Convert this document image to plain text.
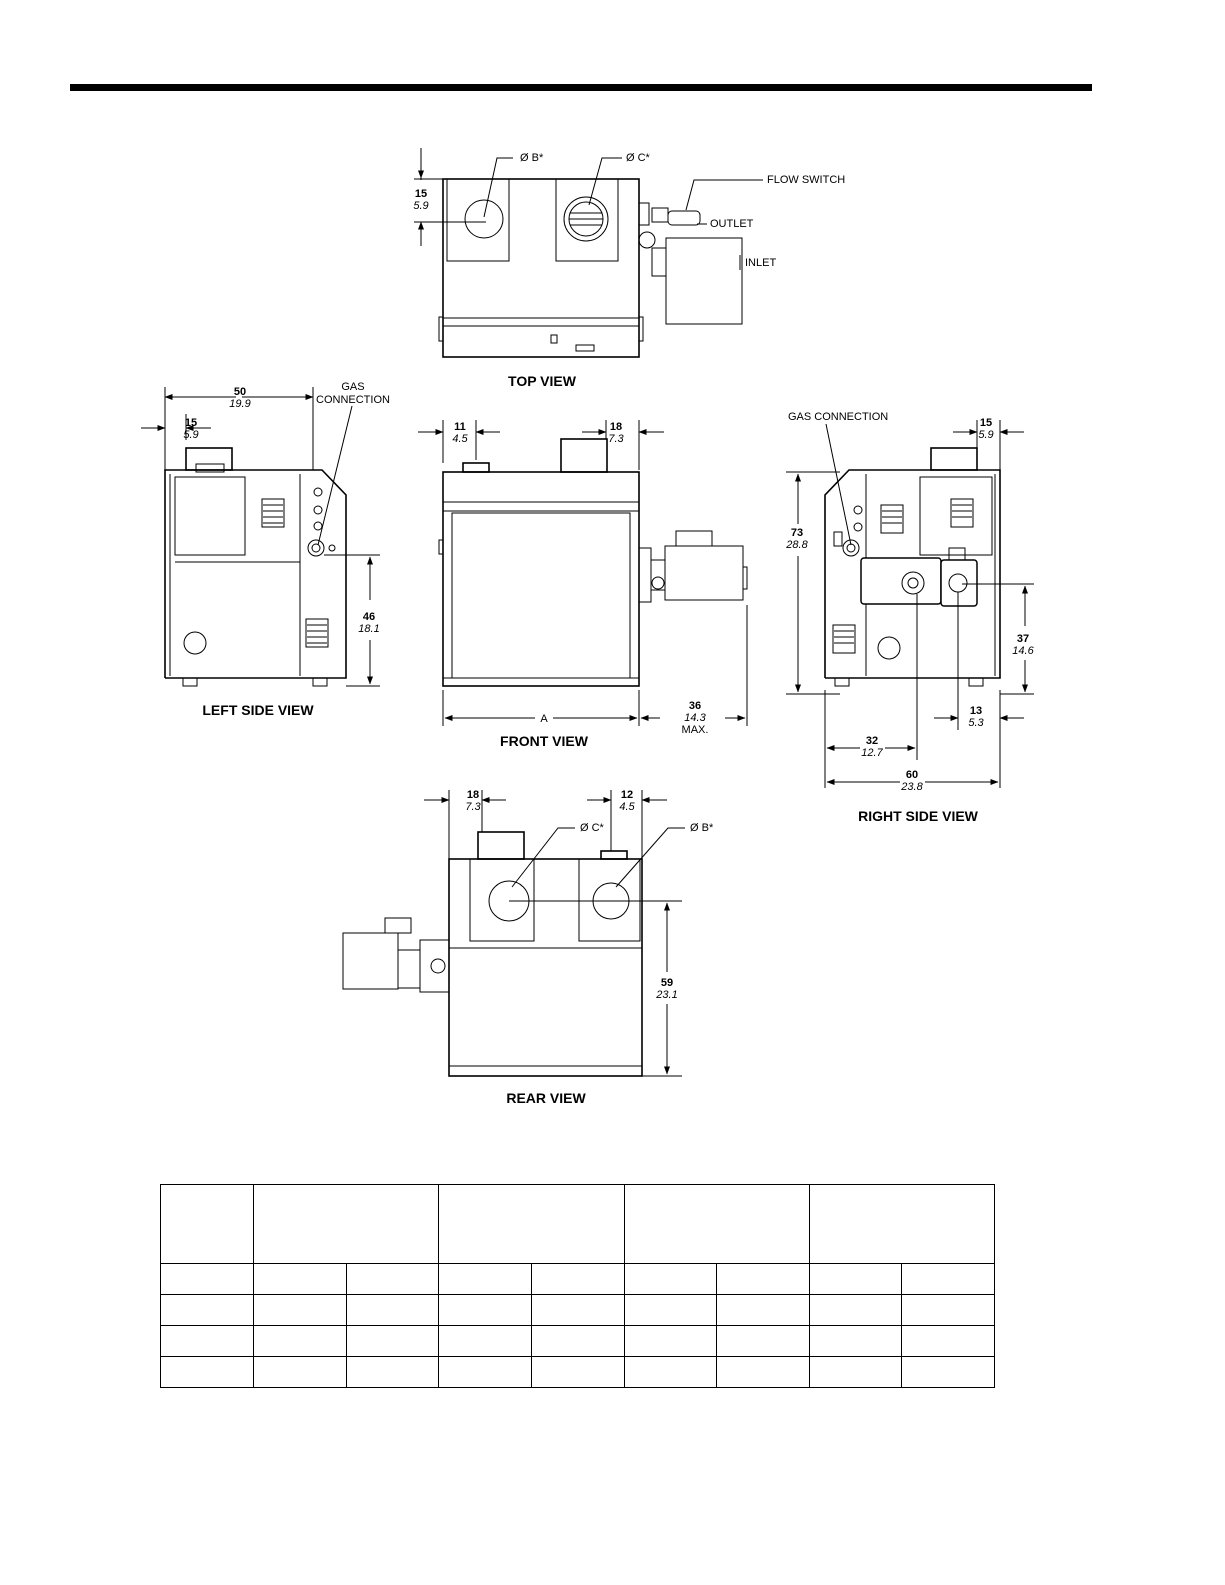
15
5.9
Ø B*	Ø C*
FLOW SWITCH
OUTLET
INLET
TOP VIEW
50
19.9
15
5.9
GAS
CONNECTION
46
18.1
LEFT SIDE VIEW
11
4.5
18
7.3
A
36
14.3
MAX.
FRONT VIEW
GAS CONNECTION	15
5.9
73
28.8
37
14.6
13
5.3
32
12.7
60
23.8
RIGHT SIDE VIEW
18
7.3
12
4.5
Ø C*	Ø B*
59
23.1
REAR VIEW
